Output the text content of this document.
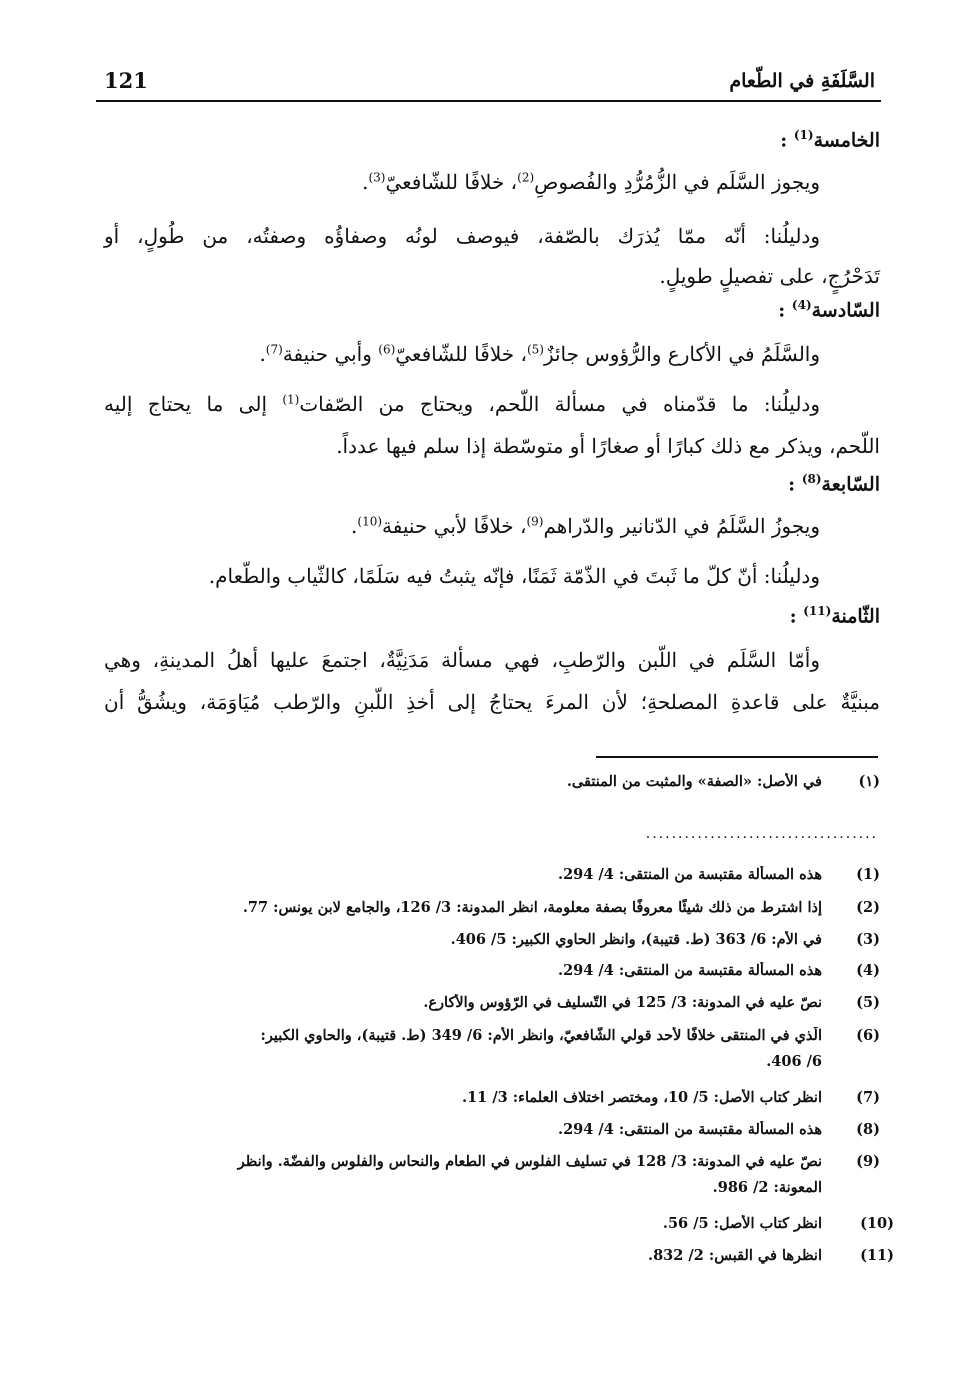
121	السَّلَفَةِ في الطّعام
الخامسة$^{(1)}$ :
ويجوز السَّلَم في الزُّمُرُّدِ والفُصوصِ$^{(2)}$، خلافًا للشّافعيّ$^{(3)}$.
ودليلُنا: أنّه ممّا يُذرَك بالصّفة، فيوصف لونُه وصفاؤُه وصفتُه، من طُولٍ، أو
تَدَحْرُجٍ، على تفصيلٍ طويلٍ.
السّادسة$^{(4)}$ :
والسَّلَمُ في الأكارع والرُّؤوس جائزٌ$^{(5)}$، خلافًا للشّافعيّ$^{(6)}$ وأبي حنيفة$^{(7)}$.
ودليلُنا: ما قدّمناه في مسألة اللّحم، ويحتاج من الصّفات$^{(1)}$ إلى ما يحتاج إليه
اللّحم، ويذكر مع ذلك كبارًا أو صغارًا أو متوسّطة إذا سلم فيها عدداً.
السّابعة$^{(8)}$ :
ويجوزُ السَّلَمُ في الدّنانير والدّراهم$^{(9)}$، خلافًا لأبي حنيفة$^{(10)}$.
ودليلُنا: أنّ كلّ ما ثَبتَ في الذّمّة ثَمَنًا، فإنّه يثبتُ فيه سَلَمًا، كالثّياب والطّعام.
الثّامنة$^{(11)}$ :
وأمّا السَّلَم في اللّبن والرّطبِ، فهي مسألة مَدَنِيَّةٌ، اجتمعَ عليها أهلُ المدينةِ، وهي
مبنيَّةٌ على قاعدةِ المصلحةِ؛ لأن المرءَ يحتاجُ إلى أخذِ اللّبنِ والرّطب مُيَاوَمَة، ويشُقُّ أن
(١)
في الأصل: «الصفة» والمثبت من المنتقى.
....................................
(1)
هذه المسألة مقتبسة من المنتقى: 4/ 294.
(2)
إذا اشترط من ذلك شيئًا معروفًا بصفة معلومة، انظر المدونة: 3/ 126، والجامع لابن يونس: 77.
(3)
في الأم: 6/ 363 (ط. قتيبة)، وانظر الحاوي الكبير: 5/ 406.
(4)
هذه المسألة مقتبسة من المنتقى: 4/ 294.
(5)
نصّ عليه في المدونة: 3/ 125 في التّسليف في الرّؤوس والأكارع.
(6)
الّذي في المنتقى خلافًا لأحد قولي الشّافعيّ، وانظر الأم: 6/ 349 (ط. قتيبة)، والحاوي الكبير:
6/ 406.
(7)
انظر كتاب الأصل: 5/ 10، ومختصر اختلاف العلماء: 3/ 11.
(8)
هذه المسألة مقتبسة من المنتقى: 4/ 294.
(9)
نصّ عليه في المدونة: 3/ 128 في تسليف الفلوس في الطعام والنحاس والفلوس والفضّة. وانظر
المعونة: 2/ 986.
(10)
انظر كتاب الأصل: 5/ 56.
(11)
انظرها في القبس: 2/ 832.
